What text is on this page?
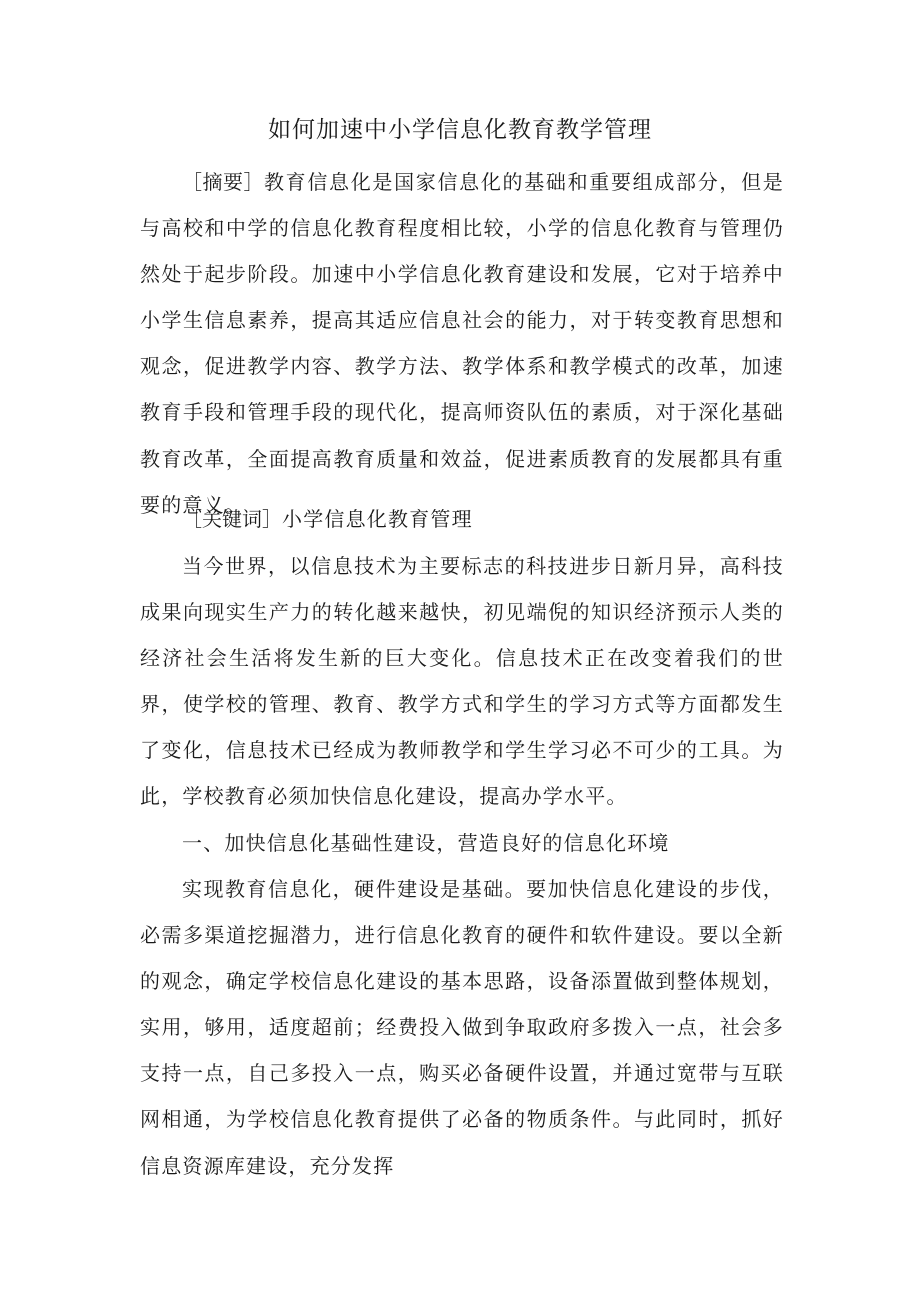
如何加速中小学信息化教育教学管理

［摘要］教育信息化是国家信息化的基础和重要组成部分，但是与高校和中学的信息化教育程度相比较，小学的信息化教育与管理仍然处于起步阶段。加速中小学信息化教育建设和发展，它对于培养中小学生信息素养，提高其适应信息社会的能力，对于转变教育思想和观念，促进教学内容、教学方法、教学体系和教学模式的改革，加速教育手段和管理手段的现代化，提高师资队伍的素质，对于深化基础教育改革，全面提高教育质量和效益，促进素质教育的发展都具有重要的意义。

［关键词］小学信息化教育管理

当今世界，以信息技术为主要标志的科技进步日新月异，高科技成果向现实生产力的转化越来越快，初见端倪的知识经济预示人类的经济社会生活将发生新的巨大变化。信息技术正在改变着我们的世界，使学校的管理、教育、教学方式和学生的学习方式等方面都发生了变化，信息技术已经成为教师教学和学生学习必不可少的工具。为此，学校教育必须加快信息化建设，提高办学水平。

一、加快信息化基础性建设，营造良好的信息化环境

实现教育信息化，硬件建设是基础。要加快信息化建设的步伐，必需多渠道挖掘潜力，进行信息化教育的硬件和软件建设。要以全新的观念，确定学校信息化建设的基本思路，设备添置做到整体规划，实用，够用，适度超前；经费投入做到争取政府多拨入一点，社会多支持一点，自己多投入一点，购买必备硬件设置，并通过宽带与互联网相通，为学校信息化教育提供了必备的物质条件。与此同时，抓好信息资源库建设，充分发挥
